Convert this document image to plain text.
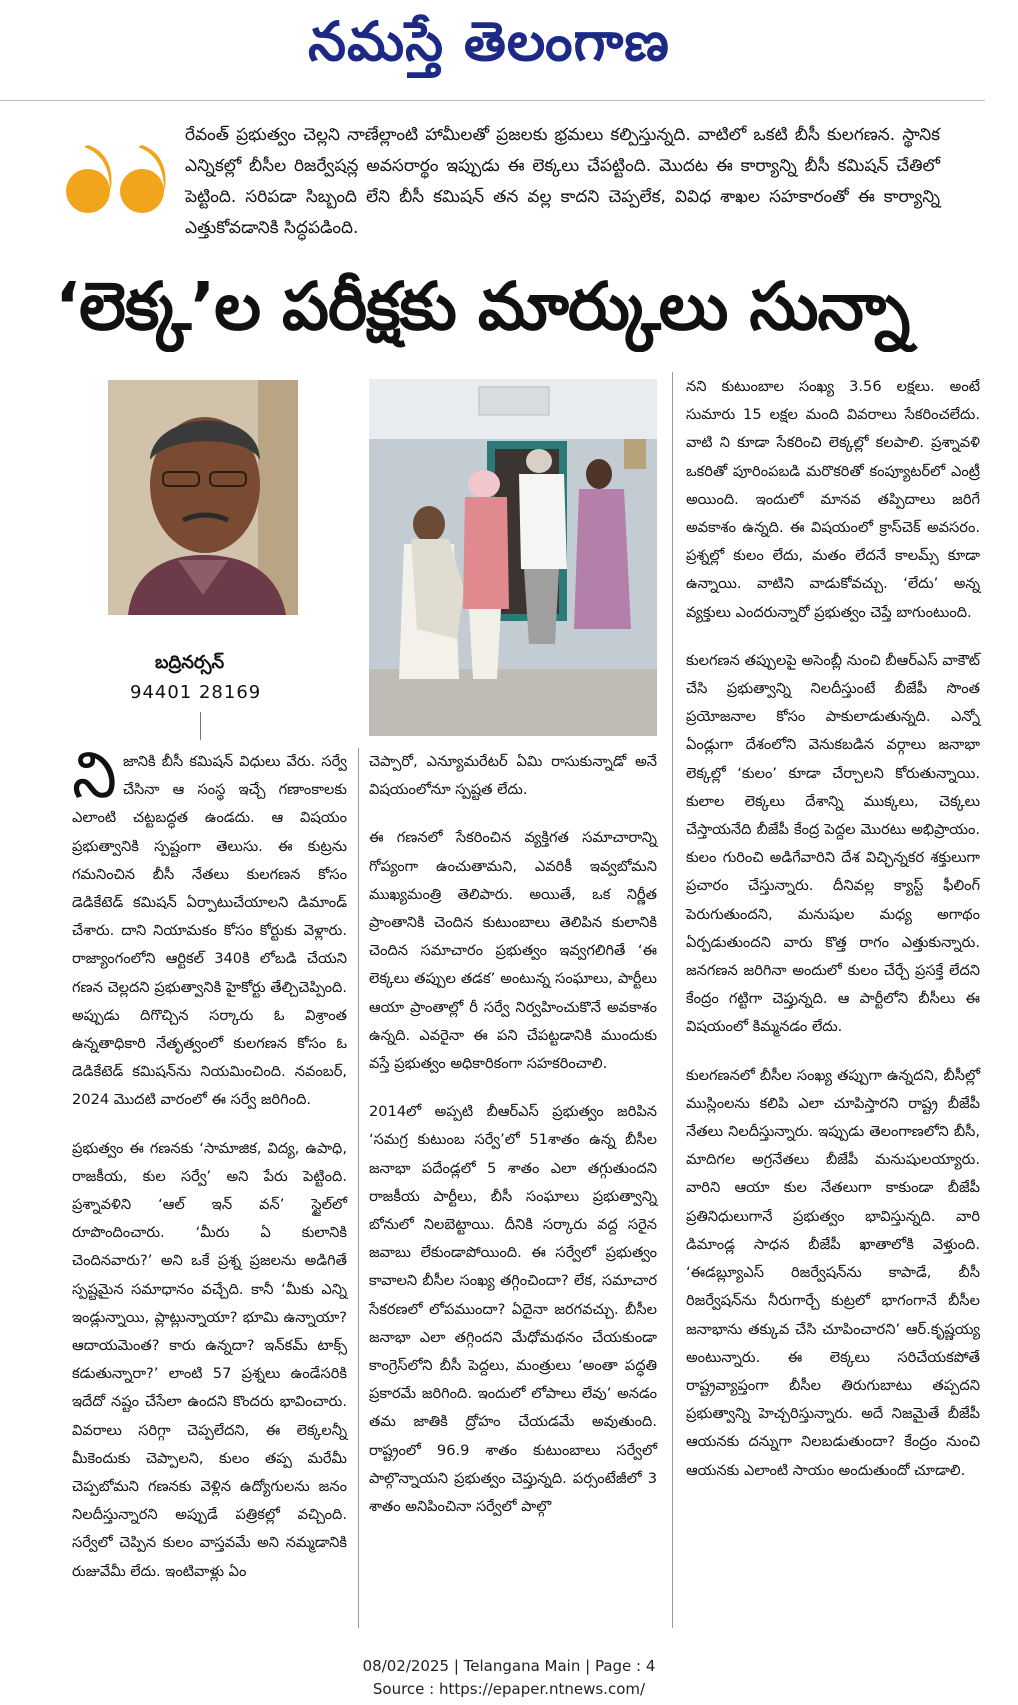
నమస్తే తెలంగాణ
రేవంత్ ప్రభుత్వం చెల్లని నాణేల్లాంటి హామీలతో ప్రజలకు భ్రమలు కల్పిస్తున్నది. వాటిలో ఒకటి బీసీ కులగణన. స్థానిక ఎన్నికల్లో బీసీల రిజర్వేషన్ల అవసరార్థం ఇప్పుడు ఈ లెక్కలు చేపట్టింది. మొదట ఈ కార్యాన్ని బీసీ కమిషన్ చేతిలో పెట్టింది. సరిపడా సిబ్బంది లేని బీసీ కమిషన్ తన వల్ల కాదని చెప్పలేక, వివిధ శాఖల సహకారంతో ఈ కార్యాన్ని ఎత్తుకోవడానికి సిద్ధపడింది.
‘లెక్క’ల పరీక్షకు మార్కులు సున్నా
బద్రినర్సన్
94401 28169

నిజానికి బీసీ కమిషన్ విధులు వేరు. సర్వే చేసినా ఆ సంస్థ ఇచ్చే గణాంకాలకు ఎలాంటి చట్టబద్ధత ఉండదు. ఆ విషయం ప్రభుత్వానికి స్పష్టంగా తెలుసు. ఈ కుట్రను గమనించిన బీసీ నేతలు కులగణన కోసం డెడికేటెడ్ కమిషన్ ఏర్పాటుచేయాలని డిమాండ్ చేశారు. దాని నియామకం కోసం కోర్టుకు వెళ్లారు. రాజ్యాంగంలోని ఆర్టికల్ 340కి లోబడి చేయని గణన చెల్లదని ప్రభుత్వానికి హైకోర్టు తేల్చిచెప్పింది. అప్పుడు దిగొచ్చిన సర్కారు ఓ విశ్రాంత ఉన్నతాధికారి నేతృత్వంలో కులగణన కోసం ఓ డెడికేటెడ్ కమిషన్‌ను నియమించింది. నవంబర్, 2024 మొదటి వారంలో ఈ సర్వే జరిగింది.

ప్రభుత్వం ఈ గణనకు ‘సామాజిక, విద్య, ఉపాధి, రాజకీయ, కుల సర్వే’ అని పేరు పెట్టింది. ప్రశ్నావళిని ‘ఆల్ ఇన్ వన్’ స్టైల్‌లో రూపొందించారు. ‘మీరు ఏ కులానికి చెందినవారు?’ అని ఒకే ప్రశ్న ప్రజలను అడిగితే స్పష్టమైన సమాధానం వచ్చేది. కానీ ‘మీకు ఎన్ని ఇండ్లున్నాయి, ప్లాట్లున్నాయా? భూమి ఉన్నాయా? ఆదాయమెంత? కారు ఉన్నదా? ఇన్‌కమ్ టాక్స్ కడుతున్నారా?’ లాంటి 57 ప్రశ్నలు ఉండేసరికి ఇదేదో నష్టం చేసేలా ఉందని కొందరు భావించారు. వివరాలు సరిగ్గా చెప్పలేదని, ఈ లెక్కలన్నీ మీకెందుకు చెప్పాలని, కులం తప్ప మరేమీ చెప్పబోమని గణనకు వెళ్లిన ఉద్యోగులను జనం నిలదీస్తున్నారని అప్పుడే పత్రికల్లో వచ్చింది. సర్వేలో చెప్పిన కులం వాస్తవమే అని నమ్మడానికి రుజువేమీ లేదు. ఇంటివాళ్లు ఏం

చెప్పారో, ఎన్యూమరేటర్ ఏమి రాసుకున్నాడో అనే విషయంలోనూ స్పష్టత లేదు.

ఈ గణనలో సేకరించిన వ్యక్తిగత సమాచారాన్ని గోప్యంగా ఉంచుతామని, ఎవరికీ ఇవ్వబోమని ముఖ్యమంత్రి తెలిపారు. అయితే, ఒక నిర్ణీత ప్రాంతానికి చెందిన కుటుంబాలు తెలిపిన కులానికి చెందిన సమాచారం ప్రభుత్వం ఇవ్వగలిగితే ‘ఈ లెక్కలు తప్పుల తడక’ అంటున్న సంఘాలు, పార్టీలు ఆయా ప్రాంతాల్లో రీ సర్వే నిర్వహించుకొనే అవకాశం ఉన్నది. ఎవరైనా ఈ పని చేపట్టడానికి ముందుకు వస్తే ప్రభుత్వం అధికారికంగా సహకరించాలి.

2014లో అప్పటి బీఆర్‌ఎస్ ప్రభుత్వం జరిపిన ‘సమగ్ర కుటుంబ సర్వే’లో 51శాతం ఉన్న బీసీల జనాభా పదేండ్లలో 5 శాతం ఎలా తగ్గుతుందని రాజకీయ పార్టీలు, బీసీ సంఘాలు ప్రభుత్వాన్ని బోనులో నిలబెట్టాయి. దీనికి సర్కారు వద్ద సరైన జవాబు లేకుండాపోయింది. ఈ సర్వేలో ప్రభుత్వం కావాలని బీసీల సంఖ్య తగ్గించిందా? లేక, సమాచార సేకరణలో లోపముందా? ఏదైనా జరగవచ్చు. బీసీల జనాభా ఎలా తగ్గిందని మేధోమథనం చేయకుండా కాంగ్రెస్‌లోని బీసీ పెద్దలు, మంత్రులు ‘అంతా పద్ధతి ప్రకారమే జరిగింది. ఇందులో లోపాలు లేవు’ అనడం తమ జాతికి ద్రోహం చేయడమే అవుతుంది. రాష్ట్రంలో 96.9 శాతం కుటుంబాలు సర్వేలో పాల్గొన్నాయని ప్రభుత్వం చెప్తున్నది. పర్సంటేజీలో 3 శాతం అనిపించినా సర్వేలో పాల్గొ

నని కుటుంబాల సంఖ్య 3.56 లక్షలు. అంటే సుమారు 15 లక్షల మంది వివరాలు సేకరించలేదు. వాటి ని కూడా సేకరించి లెక్కల్లో కలపాలి. ప్రశ్నావళి ఒకరితో పూరింపబడి మరొకరితో కంప్యూటర్‌లో ఎంట్రీ అయింది. ఇందులో మానవ తప్పిదాలు జరిగే అవకాశం ఉన్నది. ఈ విషయంలో క్రాస్‌చెక్ అవసరం. ప్రశ్నల్లో కులం లేదు, మతం లేదనే కాలమ్స్ కూడా ఉన్నాయి. వాటిని వాడుకోవచ్చు. ‘లేదు’ అన్న వ్యక్తులు ఎందరున్నారో ప్రభుత్వం చెప్తే బాగుంటుంది.

కులగణన తప్పులపై అసెంబ్లీ నుంచి బీఆర్‌ఎస్ వాకౌట్ చేసి ప్రభుత్వాన్ని నిలదీస్తుంటే బీజేపీ సొంత ప్రయోజనాల కోసం పాకులాడుతున్నది. ఎన్నో ఏండ్లుగా దేశంలోని వెనుకబడిన వర్గాలు జనాభా లెక్కల్లో ‘కులం’ కూడా చేర్చాలని కోరుతున్నాయి. కులాల లెక్కలు దేశాన్ని ముక్కలు, చెక్కలు చేస్తాయనేది బీజేపీ కేంద్ర పెద్దల మొరటు అభిప్రాయం. కులం గురించి అడిగేవారిని దేశ విచ్ఛిన్నకర శక్తులుగా ప్రచారం చేస్తున్నారు. దీనివల్ల క్యాస్ట్ ఫీలింగ్ పెరుగుతుందని, మనుషుల మధ్య అగాథం ఏర్పడుతుందని వారు కొత్త రాగం ఎత్తుకున్నారు. జనగణన జరిగినా అందులో కులం చేర్చే ప్రసక్తే లేదని కేంద్రం గట్టిగా చెప్తున్నది. ఆ పార్టీలోని బీసీలు ఈ విషయంలో కిమ్మనడం లేదు.

కులగణనలో బీసీల సంఖ్య తప్పుగా ఉన్నదని, బీసీల్లో ముస్లింలను కలిపి ఎలా చూపిస్తారని రాష్ట్ర బీజేపీ నేతలు నిలదీస్తున్నారు. ఇప్పుడు తెలంగాణలోని బీసీ, మాదిగల అగ్రనేతలు బీజేపీ మనుషులయ్యారు. వారిని ఆయా కుల నేతలుగా కాకుండా బీజేపీ ప్రతినిధులుగానే ప్రభుత్వం భావిస్తున్నది. వారి డిమాండ్ల సాధన బీజేపీ ఖాతాలోకి వెళ్తుంది. ‘ఈడబ్ల్యూఎస్ రిజర్వేషన్‌ను కాపాడే, బీసీ రిజర్వేషన్‌ను నీరుగార్చే కుట్రలో భాగంగానే బీసీల జనాభాను తక్కువ చేసి చూపించారని’ ఆర్.కృష్ణయ్య అంటున్నారు. ఈ లెక్కలు సరిచేయకపోతే రాష్ట్రవ్యాప్తంగా బీసీల తిరుగుబాటు తప్పదని ప్రభుత్వాన్ని హెచ్చరిస్తున్నారు. అదే నిజమైతే బీజేపీ ఆయనకు దన్నుగా నిలబడుతుందా? కేంద్రం నుంచి ఆయనకు ఎలాంటి సాయం అందుతుందో చూడాలి.

08/02/2025 | Telangana Main | Page : 4
Source : https://epaper.ntnews.com/
